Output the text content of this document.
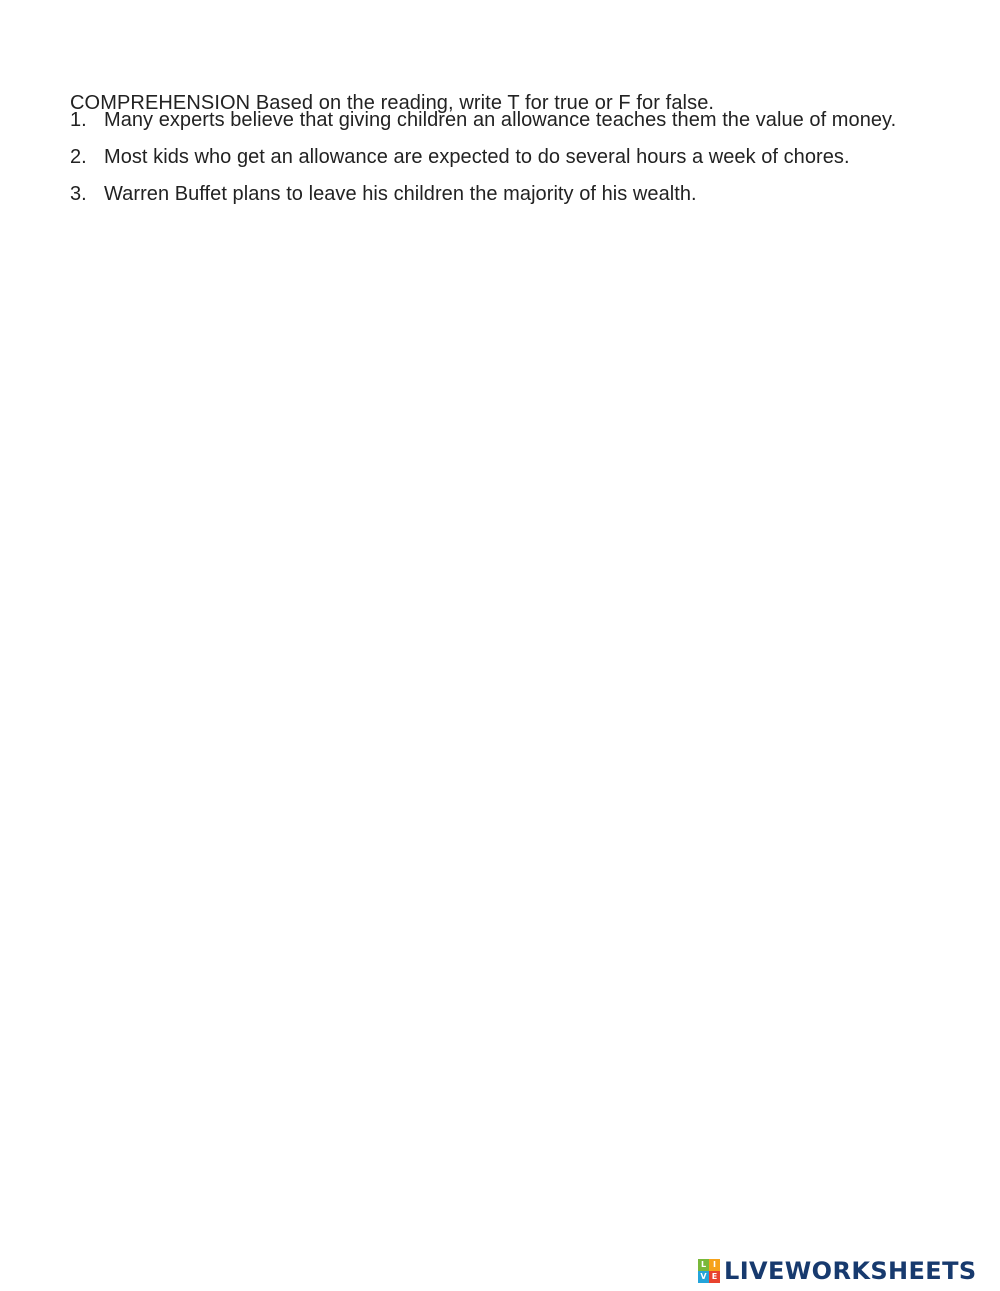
COMPREHENSION Based on the reading, write T for true or F for false.

1. Many experts believe that giving children an allowance teaches them the value of money.
2. Most kids who get an allowance are expected to do several hours a week of chores.
3. Warren Buffet plans to leave his children the majority of his wealth.
L I
V E LIVEWORKSHEETS
